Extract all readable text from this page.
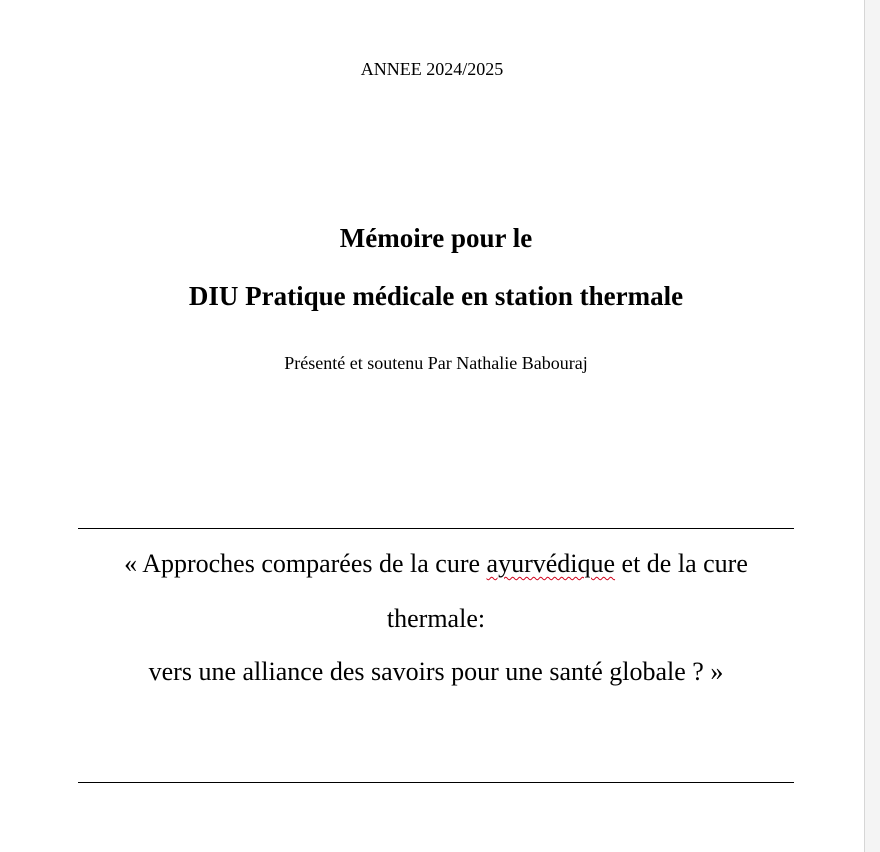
ANNEE 2024/2025
Mémoire pour le
DIU Pratique médicale en station thermale
Présenté et soutenu Par Nathalie Babouraj
« Approches comparées de la cure ayurvédique et de la cure
thermale:
vers une alliance des savoirs pour une santé globale ? »
